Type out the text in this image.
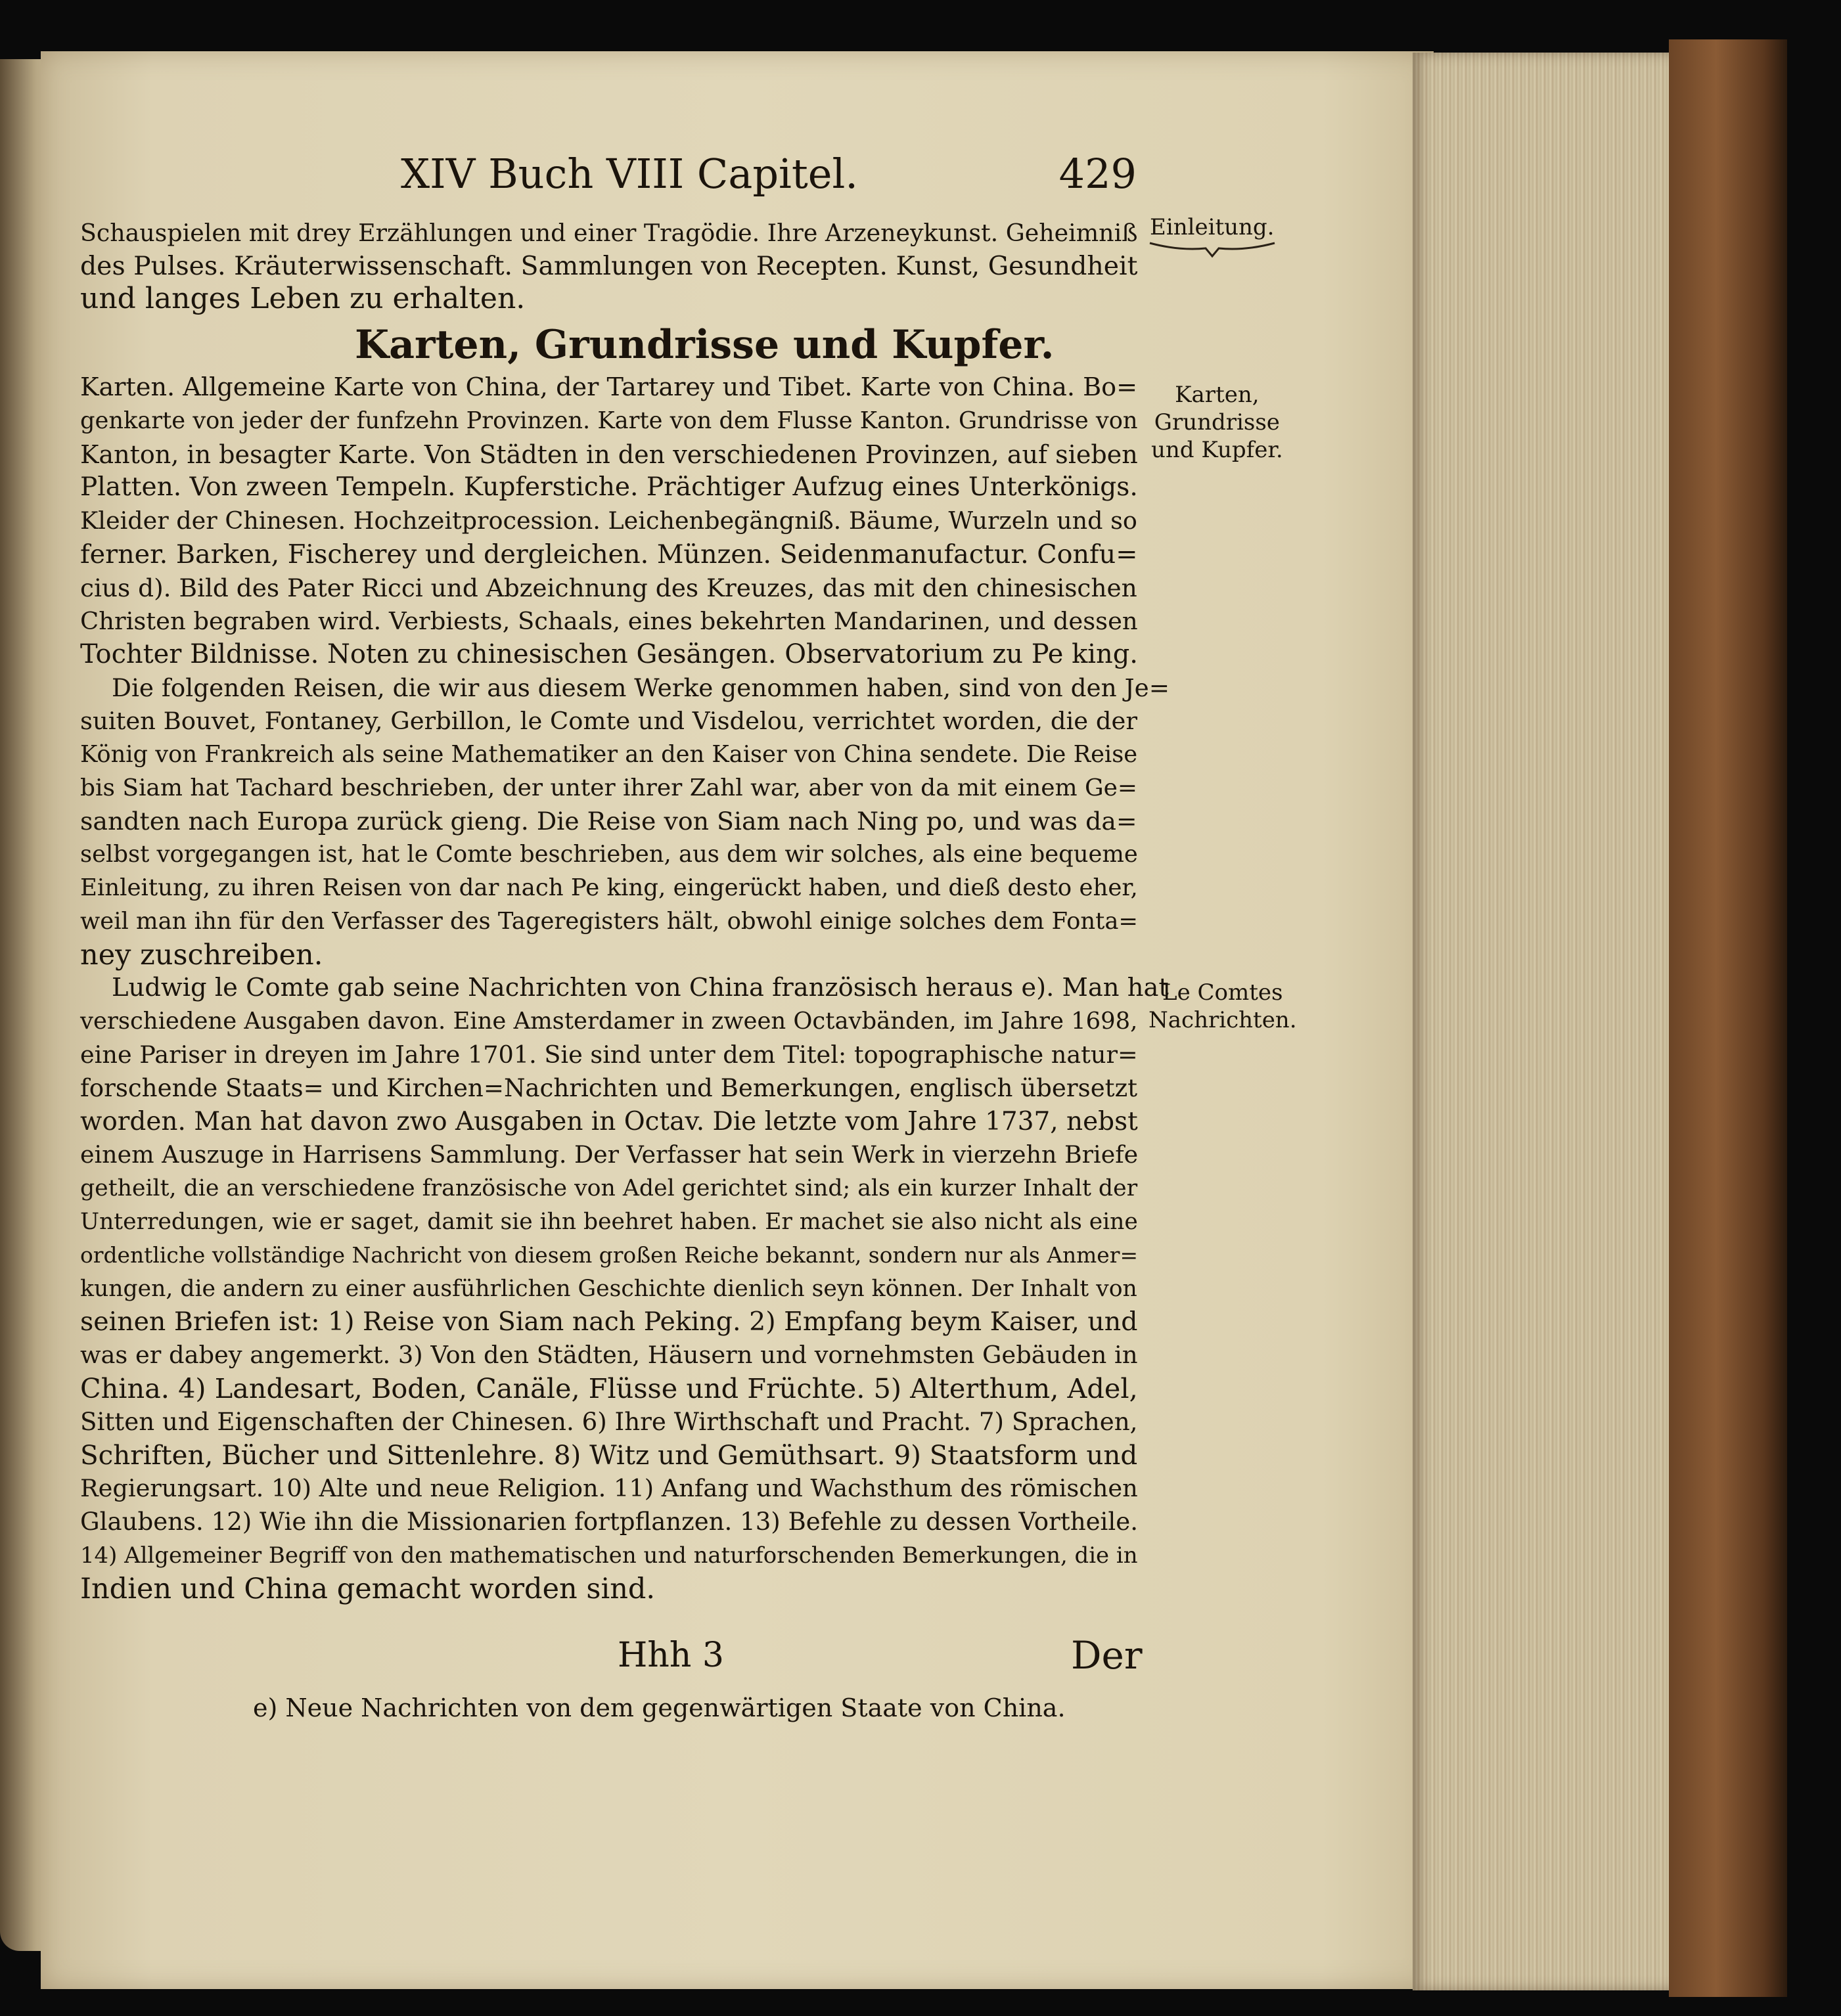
XIV Buch VIII Capitel.	429
Schauspielen mit drey Erzählungen und einer Tragödie. Ihre Arzeneykunst. Geheimniß
des Pulses. Kräuterwissenschaft. Sammlungen von Recepten. Kunst, Gesundheit
und langes Leben zu erhalten.
Karten, Grundrisse und Kupfer.
Karten. Allgemeine Karte von China, der Tartarey und Tibet. Karte von China. Bo=
genkarte von jeder der funfzehn Provinzen. Karte von dem Flusse Kanton. Grundrisse von
Kanton, in besagter Karte. Von Städten in den verschiedenen Provinzen, auf sieben
Platten. Von zween Tempeln. Kupferstiche. Prächtiger Aufzug eines Unterkönigs.
Kleider der Chinesen. Hochzeitprocession. Leichenbegängniß. Bäume, Wurzeln und so
ferner. Barken, Fischerey und dergleichen. Münzen. Seidenmanufactur. Confu=
cius d). Bild des Pater Ricci und Abzeichnung des Kreuzes, das mit den chinesischen
Christen begraben wird. Verbiests, Schaals, eines bekehrten Mandarinen, und dessen
Tochter Bildnisse. Noten zu chinesischen Gesängen. Observatorium zu Pe king.
Die folgenden Reisen, die wir aus diesem Werke genommen haben, sind von den Je=
suiten Bouvet, Fontaney, Gerbillon, le Comte und Visdelou, verrichtet worden, die der
König von Frankreich als seine Mathematiker an den Kaiser von China sendete. Die Reise
bis Siam hat Tachard beschrieben, der unter ihrer Zahl war, aber von da mit einem Ge=
sandten nach Europa zurück gieng. Die Reise von Siam nach Ning po, und was da=
selbst vorgegangen ist, hat le Comte beschrieben, aus dem wir solches, als eine bequeme
Einleitung, zu ihren Reisen von dar nach Pe king, eingerückt haben, und dieß desto eher,
weil man ihn für den Verfasser des Tageregisters hält, obwohl einige solches dem Fonta=
ney zuschreiben.
Ludwig le Comte gab seine Nachrichten von China französisch heraus e). Man hat
verschiedene Ausgaben davon. Eine Amsterdamer in zween Octavbänden, im Jahre 1698,
eine Pariser in dreyen im Jahre 1701. Sie sind unter dem Titel: topographische natur=
forschende Staats= und Kirchen=Nachrichten und Bemerkungen, englisch übersetzt
worden. Man hat davon zwo Ausgaben in Octav. Die letzte vom Jahre 1737, nebst
einem Auszuge in Harrisens Sammlung. Der Verfasser hat sein Werk in vierzehn Briefe
getheilt, die an verschiedene französische von Adel gerichtet sind; als ein kurzer Inhalt der
Unterredungen, wie er saget, damit sie ihn beehret haben. Er machet sie also nicht als eine
ordentliche vollständige Nachricht von diesem großen Reiche bekannt, sondern nur als Anmer=
kungen, die andern zu einer ausführlichen Geschichte dienlich seyn können. Der Inhalt von
seinen Briefen ist: 1) Reise von Siam nach Peking. 2) Empfang beym Kaiser, und
was er dabey angemerkt. 3) Von den Städten, Häusern und vornehmsten Gebäuden in
China. 4) Landesart, Boden, Canäle, Flüsse und Früchte. 5) Alterthum, Adel,
Sitten und Eigenschaften der Chinesen. 6) Ihre Wirthschaft und Pracht. 7) Sprachen,
Schriften, Bücher und Sittenlehre. 8) Witz und Gemüthsart. 9) Staatsform und
Regierungsart. 10) Alte und neue Religion. 11) Anfang und Wachsthum des römischen
Glaubens. 12) Wie ihn die Missionarien fortpflanzen. 13) Befehle zu dessen Vortheile.
14) Allgemeiner Begriff von den mathematischen und naturforschenden Bemerkungen, die in
Indien und China gemacht worden sind.
Einleitung.
Karten,
Grundrisse
und Kupfer.
Le Comtes
Nachrichten.
Hhh 3	Der
e) Neue Nachrichten von dem gegenwärtigen Staate von China.
